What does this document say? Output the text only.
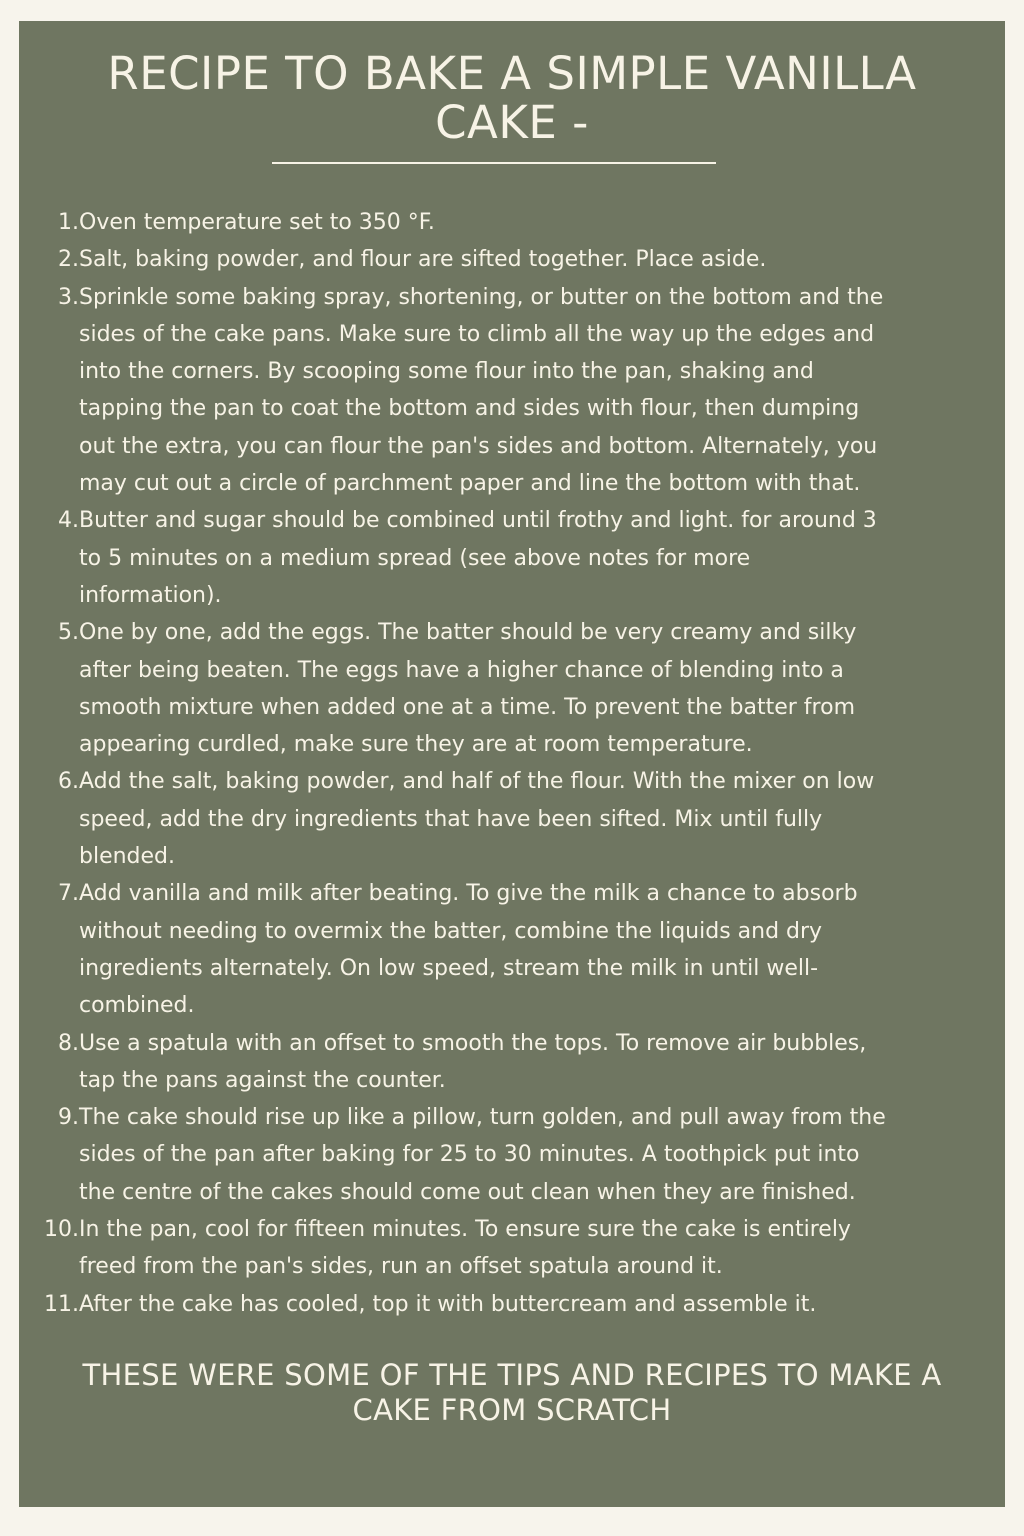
RECIPE TO BAKE A SIMPLE VANILLA
CAKE -
1. Oven temperature set to 350 °F.
2. Salt, baking powder, and flour are sifted together. Place aside.
3. Sprinkle some baking spray, shortening, or butter on the bottom and the
sides of the cake pans. Make sure to climb all the way up the edges and
into the corners. By scooping some flour into the pan, shaking and
tapping the pan to coat the bottom and sides with flour, then dumping
out the extra, you can flour the pan's sides and bottom. Alternately, you
may cut out a circle of parchment paper and line the bottom with that.
4. Butter and sugar should be combined until frothy and light. for around 3
to 5 minutes on a medium spread (see above notes for more
information).
5. One by one, add the eggs. The batter should be very creamy and silky
after being beaten. The eggs have a higher chance of blending into a
smooth mixture when added one at a time. To prevent the batter from
appearing curdled, make sure they are at room temperature.
6. Add the salt, baking powder, and half of the flour. With the mixer on low
speed, add the dry ingredients that have been sifted. Mix until fully
blended.
7. Add vanilla and milk after beating. To give the milk a chance to absorb
without needing to overmix the batter, combine the liquids and dry
ingredients alternately. On low speed, stream the milk in until well-
combined.
8. Use a spatula with an offset to smooth the tops. To remove air bubbles,
tap the pans against the counter.
9. The cake should rise up like a pillow, turn golden, and pull away from the
sides of the pan after baking for 25 to 30 minutes. A toothpick put into
the centre of the cakes should come out clean when they are finished.
10. In the pan, cool for fifteen minutes. To ensure sure the cake is entirely
freed from the pan's sides, run an offset spatula around it.
11. After the cake has cooled, top it with buttercream and assemble it.

THESE WERE SOME OF THE TIPS AND RECIPES TO MAKE A
CAKE FROM SCRATCH
